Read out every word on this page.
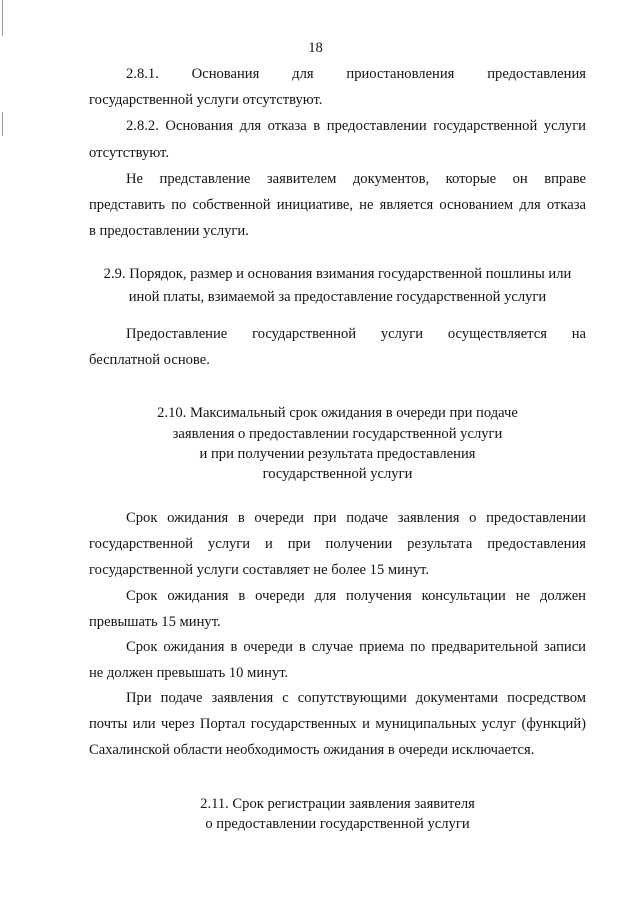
18

2.8.1. Основания для приостановления предоставления

государственной услуги отсутствуют.

2.8.2. Основания для отказа в предоставлении государственной услуги

отсутствуют.

Не представление заявителем документов, которые он вправе

представить по собственной инициативе, не является основанием для отказа

в предоставлении услуги.

2.9. Порядок, размер и основания взимания государственной пошлины или

иной платы, взимаемой за предоставление государственной услуги

Предоставление государственной услуги осуществляется на

бесплатной основе.

2.10. Максимальный срок ожидания в очереди при подаче

заявления о предоставлении государственной услуги

и при получении результата предоставления

государственной услуги

Срок ожидания в очереди при подаче заявления о предоставлении

государственной услуги и при получении результата предоставления

государственной услуги составляет не более 15 минут.

Срок ожидания в очереди для получения консультации не должен

превышать 15 минут.

Срок ожидания в очереди в случае приема по предварительной записи

не должен превышать 10 минут.

При подаче заявления с сопутствующими документами посредством

почты или через Портал государственных и муниципальных услуг (функций)

Сахалинской области необходимость ожидания в очереди исключается.

2.11. Срок регистрации заявления заявителя

о предоставлении государственной услуги
